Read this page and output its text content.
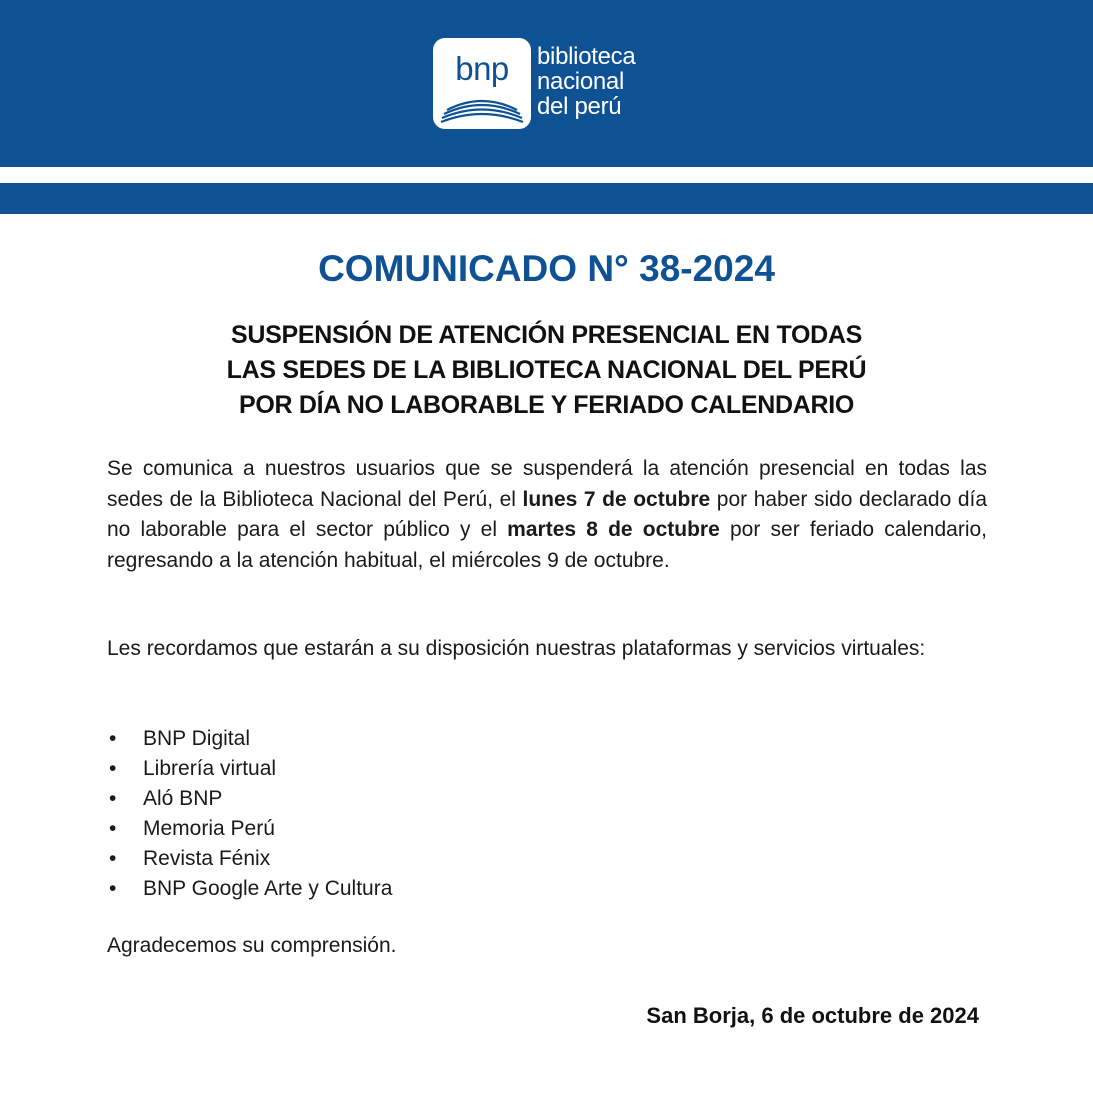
bnp	biblioteca
nacional
del perú
COMUNICADO N° 38-2024
SUSPENSIÓN DE ATENCIÓN PRESENCIAL EN TODAS
LAS SEDES DE LA BIBLIOTECA NACIONAL DEL PERÚ
POR DÍA NO LABORABLE Y FERIADO CALENDARIO

Se comunica a nuestros usuarios que se suspenderá la atención presencial en todas las sedes de la Biblioteca Nacional del Perú, el lunes 7 de octubre por haber sido declarado día no laborable para el sector público y el martes 8 de octubre por ser feriado calendario, regresando a la atención habitual, el miércoles 9 de octubre.

Les recordamos que estarán a su disposición nuestras plataformas y servicios virtuales:

• BNP Digital
• Librería virtual
• Aló BNP
• Memoria Perú
• Revista Fénix
• BNP Google Arte y Cultura

Agradecemos su comprensión.

San Borja, 6 de octubre de 2024
